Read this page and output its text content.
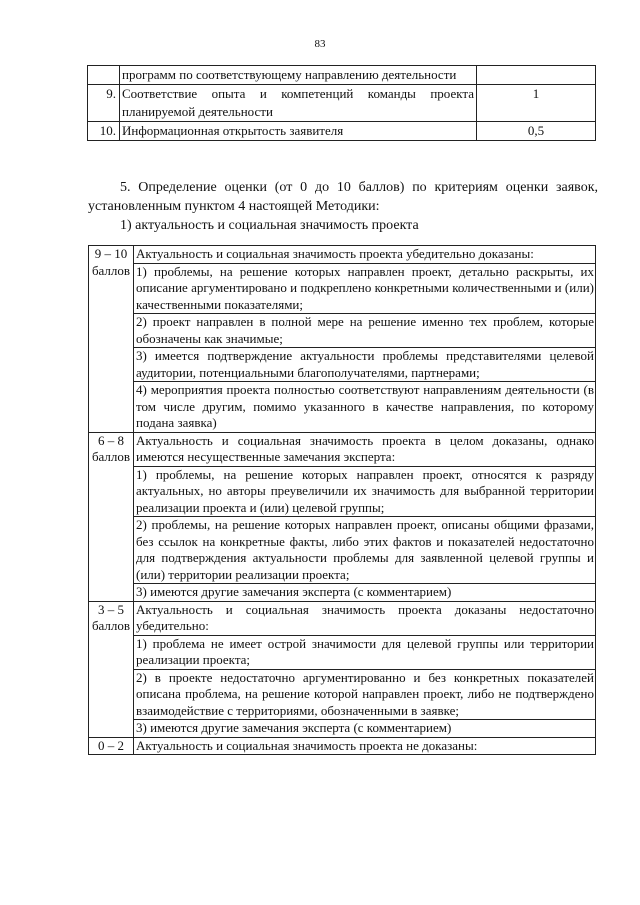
83
	программ по соответствующему направлению деятельности	
9.	Соответствие опыта и компетенций команды проекта планируемой деятельности	1
10.	Информационная открытость заявителя	0,5

5. Определение оценки (от 0 до 10 баллов) по критериям оценки заявок, установленным пунктом 4 настоящей Методики:

1) актуальность и социальная значимость проекта

9 – 10 баллов	Актуальность и социальная значимость проекта убедительно доказаны:
1) проблемы, на решение которых направлен проект, детально раскрыты, их описание аргументировано и подкреплено конкретными количественными и (или) качественными показателями;
2) проект направлен в полной мере на решение именно тех проблем, которые обозначены как значимые;
3) имеется подтверждение актуальности проблемы представителями целевой аудитории, потенциальными благополучателями, партнерами;
4) мероприятия проекта полностью соответствуют направлениям деятельности (в том числе другим, помимо указанного в качестве направления, по которому подана заявка)

6 – 8 баллов	Актуальность и социальная значимость проекта в целом доказаны, однако имеются несущественные замечания эксперта:
1) проблемы, на решение которых направлен проект, относятся к разряду актуальных, но авторы преувеличили их значимость для выбранной территории реализации проекта и (или) целевой группы;
2) проблемы, на решение которых направлен проект, описаны общими фразами, без ссылок на конкретные факты, либо этих фактов и показателей недостаточно для подтверждения актуальности проблемы для заявленной целевой группы и (или) территории реализации проекта;
3) имеются другие замечания эксперта (с комментарием)

3 – 5 баллов	Актуальность и социальная значимость проекта доказаны недостаточно убедительно:
1) проблема не имеет острой значимости для целевой группы или территории реализации проекта;
2) в проекте недостаточно аргументированно и без конкретных показателей описана проблема, на решение которой направлен проект, либо не подтверждено взаимодействие с территориями, обозначенными в заявке;
3) имеются другие замечания эксперта (с комментарием)

0 – 2	Актуальность и социальная значимость проекта не доказаны:
